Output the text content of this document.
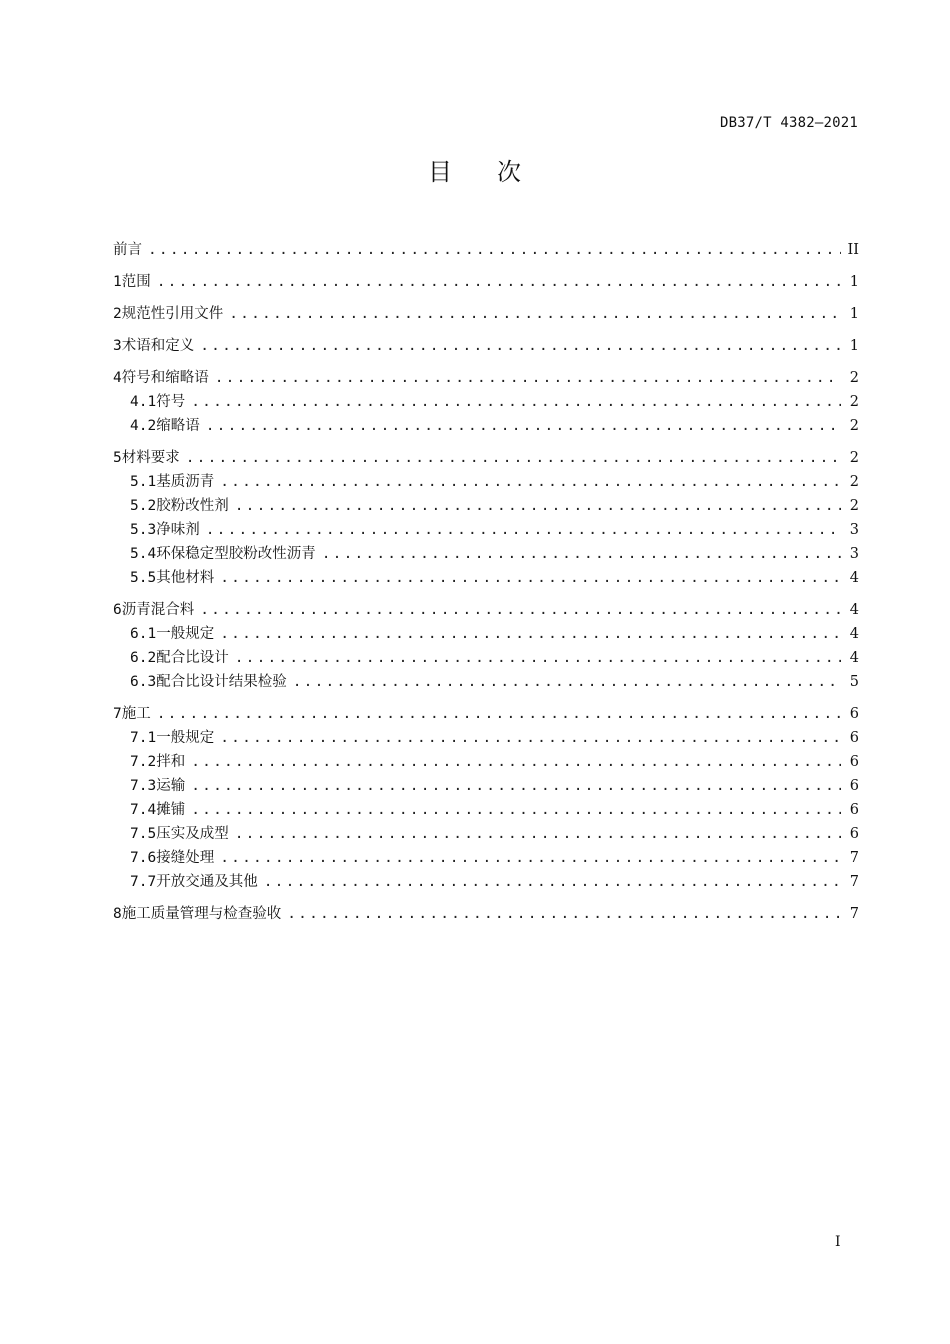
DB37/T 4382—2021
目 次
前言 .....	II
1 范围 .....	1
2 规范性引用文件 .....	1
3 术语和定义 .....	1
4 符号和缩略语 .....	2
4.1 符号 .....	2
4.2 缩略语 .....	2
5 材料要求 .....	2
5.1 基质沥青 .....	2
5.2 胶粉改性剂 .....	2
5.3 净味剂 .....	3
5.4 环保稳定型胶粉改性沥青 .....	3
5.5 其他材料 .....	4
6 沥青混合料 .....	4
6.1 一般规定 .....	4
6.2 配合比设计 .....	4
6.3 配合比设计结果检验 .....	5
7 施工 .....	6
7.1 一般规定 .....	6
7.2 拌和 .....	6
7.3 运输 .....	6
7.4 摊铺 .....	6
7.5 压实及成型 .....	6
7.6 接缝处理 .....	7
7.7 开放交通及其他 .....	7
8 施工质量管理与检查验收 .....	7
I
